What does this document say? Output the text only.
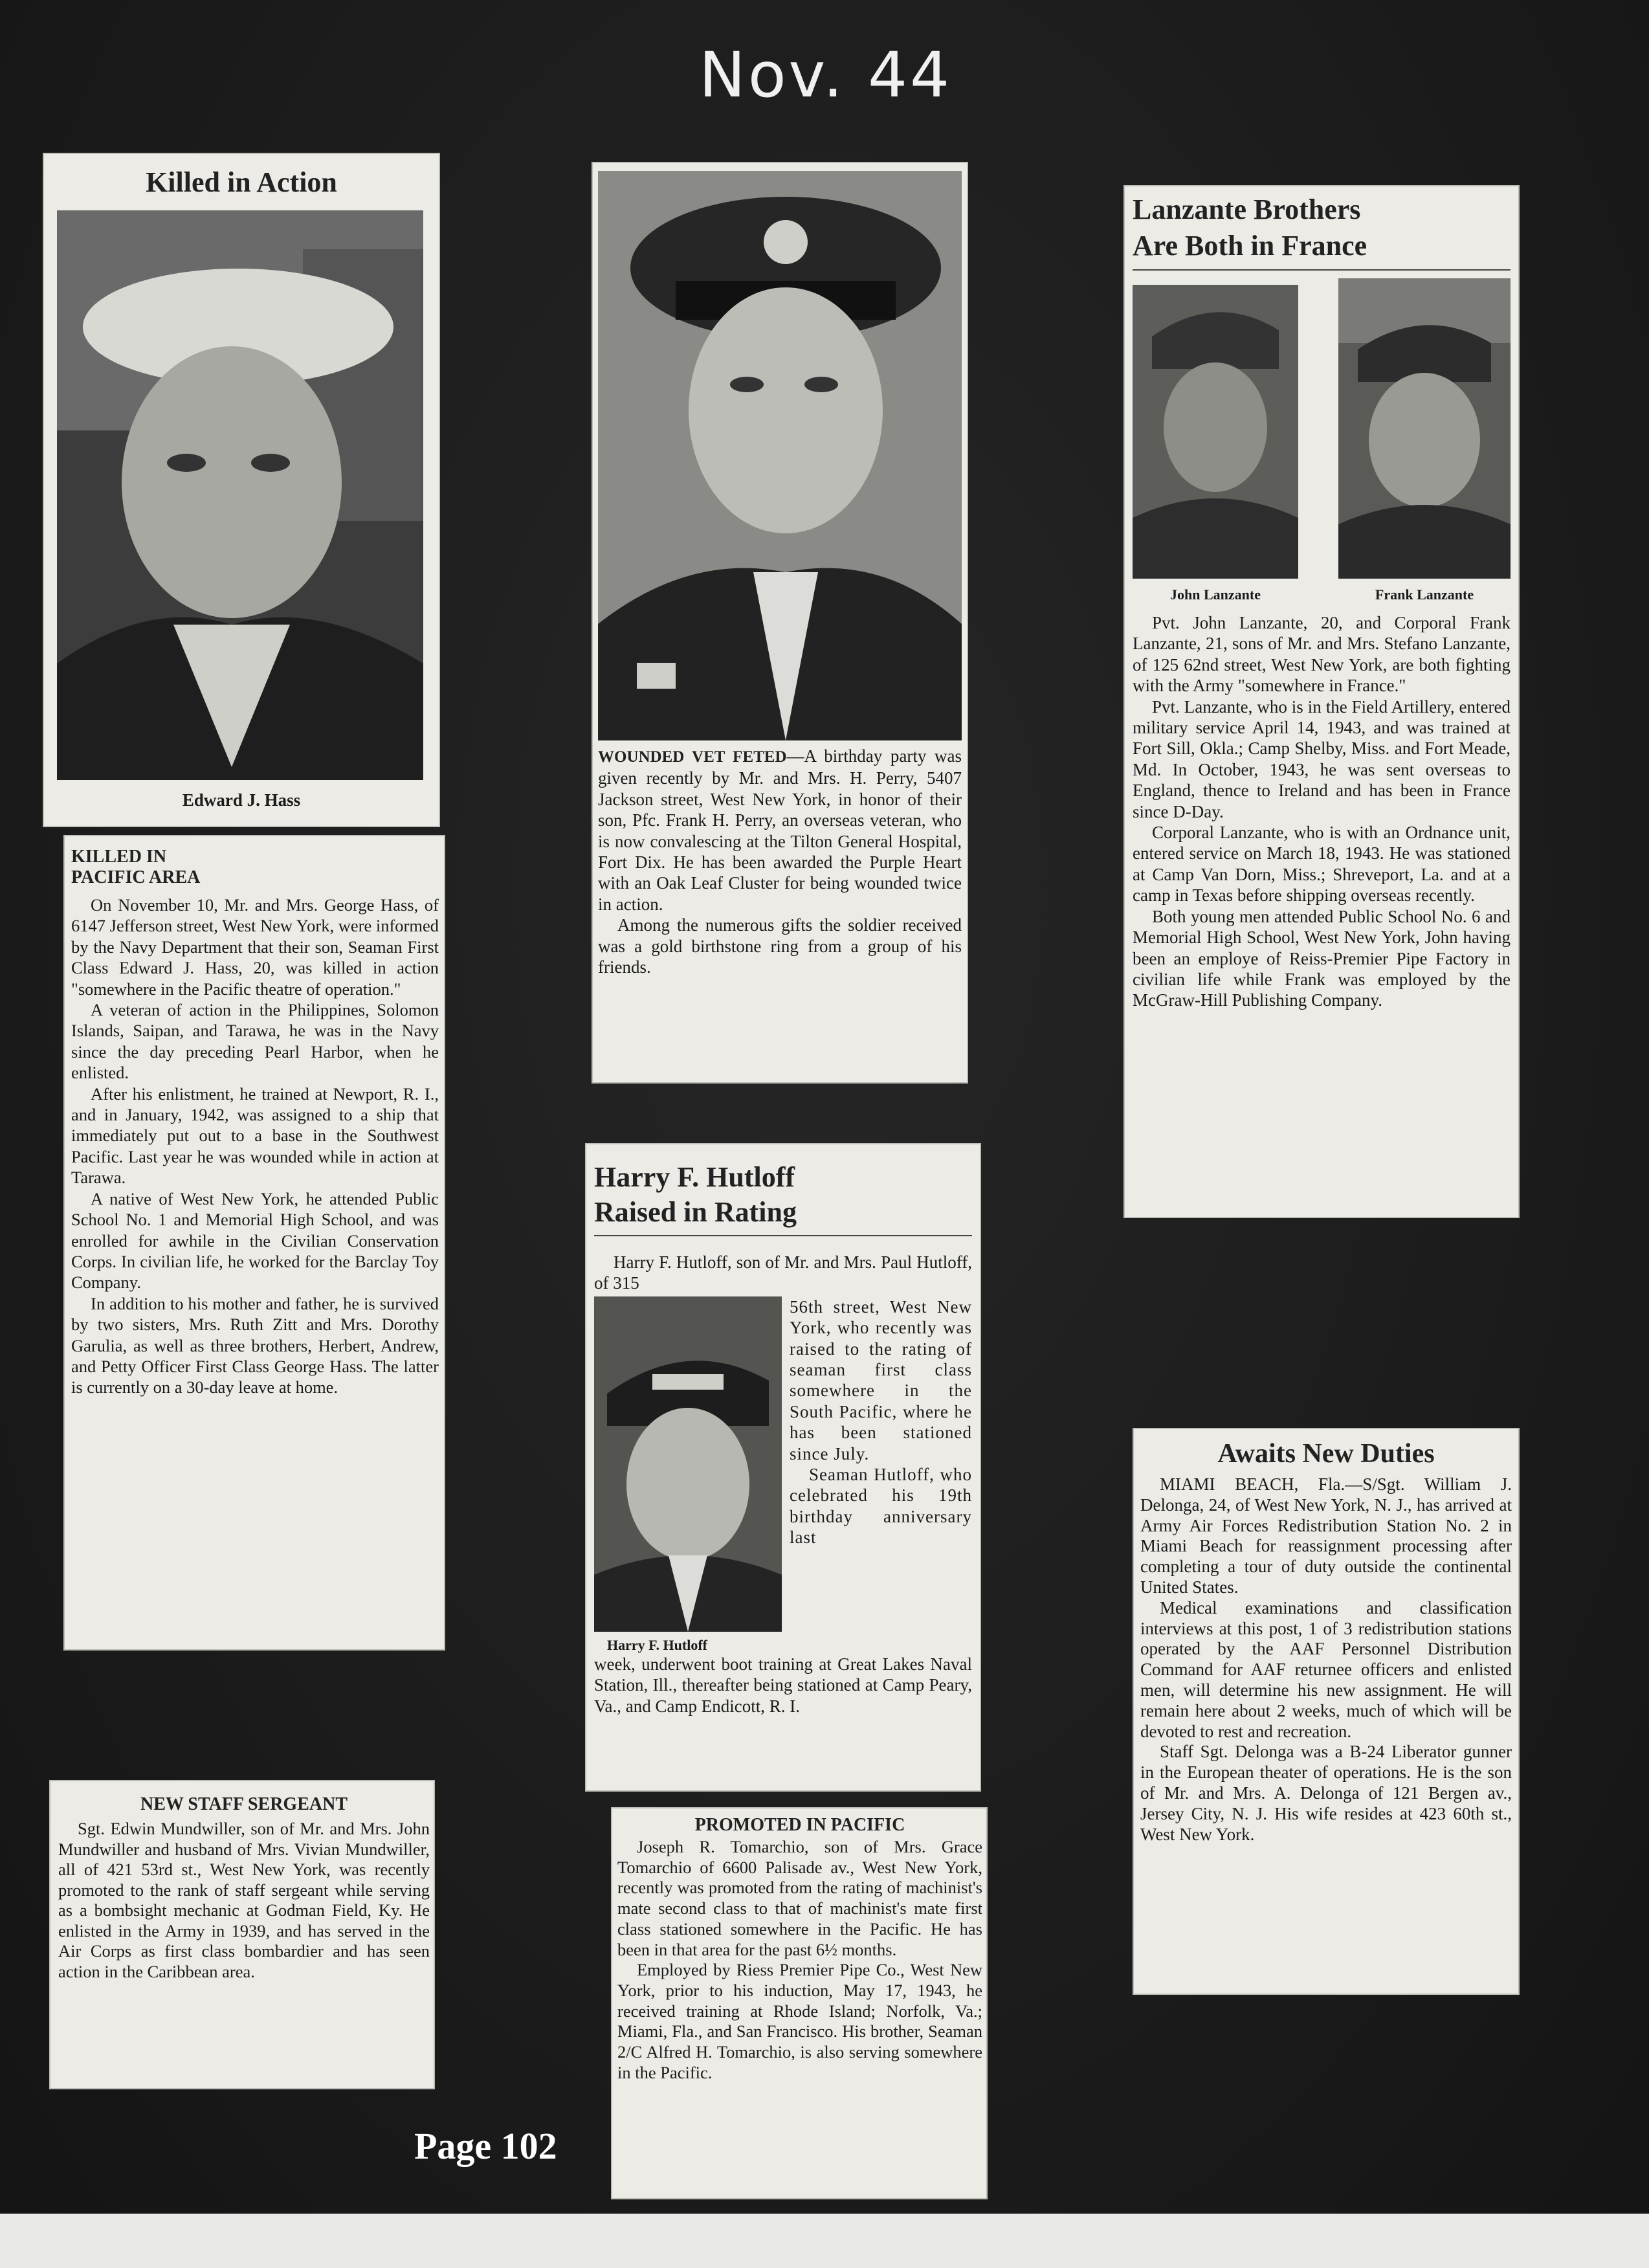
Nov. 44
Killed in Action
Edward J. Hass
KILLED IN
PACIFIC AREA

On November 10, Mr. and Mrs. George Hass, of 6147 Jefferson street, West New York, were informed by the Navy Department that their son, Seaman First Class Edward J. Hass, 20, was killed in action "somewhere in the Pacific theatre of operation."

A veteran of action in the Philippines, Solomon Islands, Saipan, and Tarawa, he was in the Navy since the day preceding Pearl Harbor, when he enlisted.

After his enlistment, he trained at Newport, R. I., and in January, 1942, was assigned to a ship that immediately put out to a base in the Southwest Pacific. Last year he was wounded while in action at Tarawa.

A native of West New York, he attended Public School No. 1 and Memorial High School, and was enrolled for awhile in the Civilian Conservation Corps. In civilian life, he worked for the Barclay Toy Company.

In addition to his mother and father, he is survived by two sisters, Mrs. Ruth Zitt and Mrs. Dorothy Garulia, as well as three brothers, Herbert, Andrew, and Petty Officer First Class George Hass. The latter is currently on a 30-day leave at home.

WOUNDED VET FETED—A birthday party was given recently by Mr. and Mrs. H. Perry, 5407 Jackson street, West New York, in honor of their son, Pfc. Frank H. Perry, an overseas veteran, who is now convalescing at the Tilton General Hospital, Fort Dix. He has been awarded the Purple Heart with an Oak Leaf Cluster for being wounded twice in action.

Among the numerous gifts the soldier received was a gold birthstone ring from a group of his friends.

Lanzante Brothers
Are Both in France
John Lanzante	Frank Lanzante

Pvt. John Lanzante, 20, and Corporal Frank Lanzante, 21, sons of Mr. and Mrs. Stefano Lanzante, of 125 62nd street, West New York, are both fighting with the Army "somewhere in France."

Pvt. Lanzante, who is in the Field Artillery, entered military service April 14, 1943, and was trained at Fort Sill, Okla.; Camp Shelby, Miss. and Fort Meade, Md. In October, 1943, he was sent overseas to England, thence to Ireland and has been in France since D-Day.

Corporal Lanzante, who is with an Ordnance unit, entered service on March 18, 1943. He was stationed at Camp Van Dorn, Miss.; Shreveport, La. and at a camp in Texas before shipping overseas recently.

Both young men attended Public School No. 6 and Memorial High School, West New York, John having been an employe of Reiss-Premier Pipe Factory in civilian life while Frank was employed by the McGraw-Hill Publishing Company.

Harry F. Hutloff
Raised in Rating

Harry F. Hutloff, son of Mr. and Mrs. Paul Hutloff, of 315

Harry F. Hutloff

56th street, West New York, who recently was raised to the rating of seaman first class somewhere in the South Pacific, where he has been stationed since July.

Seaman Hutloff, who celebrated his 19th birthday anniversary last

week, underwent boot training at Great Lakes Naval Station, Ill., thereafter being stationed at Camp Peary, Va., and Camp Endicott, R. I.

NEW STAFF SERGEANT

Sgt. Edwin Mundwiller, son of Mr. and Mrs. John Mundwiller and husband of Mrs. Vivian Mundwiller, all of 421 53rd st., West New York, was recently promoted to the rank of staff sergeant while serving as a bombsight mechanic at Godman Field, Ky. He enlisted in the Army in 1939, and has served in the Air Corps as first class bombardier and has seen action in the Caribbean area.

PROMOTED IN PACIFIC

Joseph R. Tomarchio, son of Mrs. Grace Tomarchio of 6600 Palisade av., West New York, recently was promoted from the rating of machinist's mate second class to that of machinist's mate first class stationed somewhere in the Pacific. He has been in that area for the past 6½ months.

Employed by Riess Premier Pipe Co., West New York, prior to his induction, May 17, 1943, he received training at Rhode Island; Norfolk, Va.; Miami, Fla., and San Francisco. His brother, Seaman 2/C Alfred H. Tomarchio, is also serving somewhere in the Pacific.

Awaits New Duties

MIAMI BEACH, Fla.—S/Sgt. William J. Delonga, 24, of West New York, N. J., has arrived at Army Air Forces Redistribution Station No. 2 in Miami Beach for reassignment processing after completing a tour of duty outside the continental United States.

Medical examinations and classification interviews at this post, 1 of 3 redistribution stations operated by the AAF Personnel Distribution Command for AAF returnee officers and enlisted men, will determine his new assignment. He will remain here about 2 weeks, much of which will be devoted to rest and recreation.

Staff Sgt. Delonga was a B-24 Liberator gunner in the European theater of operations. He is the son of Mr. and Mrs. A. Delonga of 121 Bergen av., Jersey City, N. J. His wife resides at 423 60th st., West New York.

Page 102
